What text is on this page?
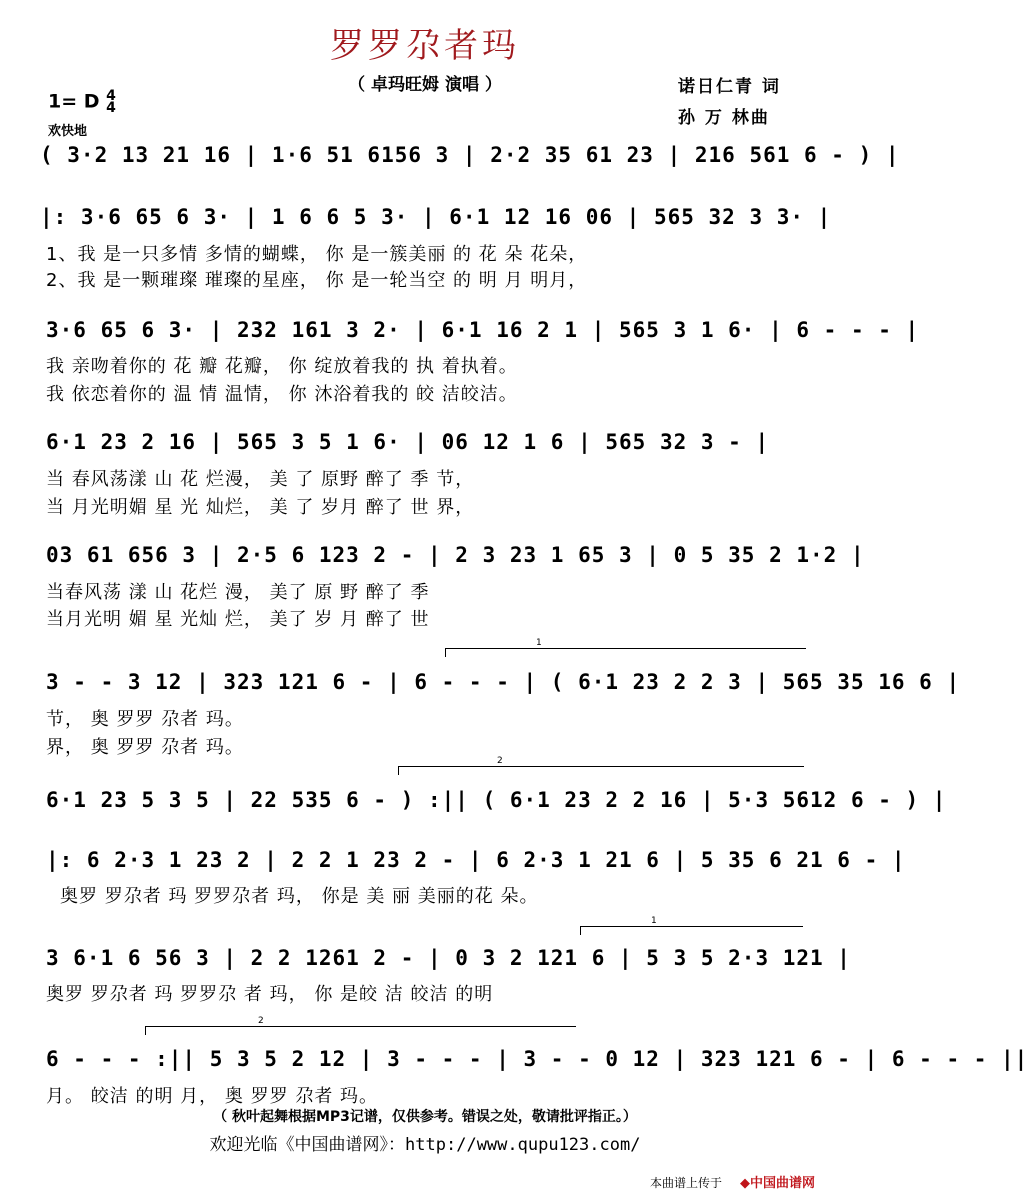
罗罗尕者玛
（ 卓玛旺姆 演唱 ）	诺日仁青 词
孙 万 林曲
1= D 4
4
欢快地
( 3·2 13 21 16 | 1·6 51 6156 3 | 2·2 35 61 23 | 216 561 6 - ) |
|: 3·6 65 6 3· | 1 6 6 5 3· | 6·1 12 16 06 | 565 32 3 3· |
1、我 是一只多情 多情的蝴蝶， 你 是一簇美丽 的 花 朵 花朵，
2、我 是一颗璀璨 璀璨的星座， 你 是一轮当空 的 明 月 明月，
3·6 65 6 3· | 232 161 3 2· | 6·1 16 2 1 | 565 3 1 6· | 6 - - - |
我 亲吻着你的 花 瓣 花瓣， 你 绽放着我的 执 着执着。
我 依恋着你的 温 情 温情， 你 沐浴着我的 皎 洁皎洁。
6·1 23 2 16 | 565 3 5 1 6· | 06 12 1 6 | 565 32 3 - |
当 春风荡漾 山 花 烂漫， 美 了 原野 醉了 季 节，
当 月光明媚 星 光 灿烂， 美 了 岁月 醉了 世 界，
03 61 656 3 | 2·5 6 123 2 - | 2 3 23 1 65 3 | 0 5 35 2 1·2 |
当春风荡 漾 山 花烂 漫， 美了 原 野 醉了 季
当月光明 媚 星 光灿 烂， 美了 岁 月 醉了 世
1
3 - - 3 12 | 323 121 6 - | 6 - - - | ( 6·1 23 2 2 3 | 565 35 16 6 |
节， 奥 罗罗 尕者 玛。
界， 奥 罗罗 尕者 玛。
2
6·1 23 5 3 5 | 22 535 6 - ) :|| ( 6·1 23 2 2 16 | 5·3 5612 6 - ) |
|: 6 2·3 1 23 2 | 2 2 1 23 2 - | 6 2·3 1 21 6 | 5 35 6 21 6 - |
奥罗 罗尕者 玛 罗罗尕者 玛， 你是 美 丽 美丽的花 朵。
1
3 6·1 6 56 3 | 2 2 1261 2 - | 0 3 2 121 6 | 5 3 5 2·3 121 |
奥罗 罗尕者 玛 罗罗尕 者 玛， 你 是皎 洁 皎洁 的明
2
6 - - - :|| 5 3 5 2 12 | 3 - - - | 3 - - 0 12 | 323 121 6 - | 6 - - - ||
月。 皎洁 的明 月， 奥 罗罗 尕者 玛。
（ 秋叶起舞根据MP3记谱，仅供参考。错误之处，敬请批评指正。）
欢迎光临《中国曲谱网》：http://www.qupu123.com/
本曲谱上传于 ◆中国曲谱网
